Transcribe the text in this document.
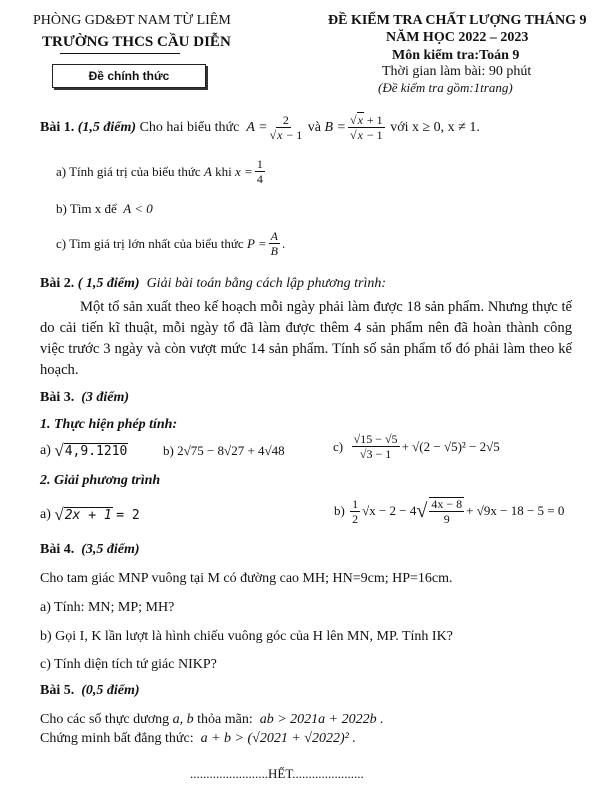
PHÒNG GD&ĐT NAM TỪ LIÊM
TRƯỜNG THCS CẦU DIỄN
Đề chính thức
ĐỀ KIỂM TRA CHẤT LƯỢNG THÁNG 9
NĂM HỌC 2022 – 2023
Môn kiểm tra:Toán 9
Thời gian làm bài: 90 phút
(Đề kiểm tra gồm:1trang)
Bài 1.
(1,5 điểm)
Cho hai biểu thức
$A = \frac{2}{√x - 1}$
và
$B = \frac{√x + 1}{√x - 1}$
với x ≥ 0, x ≠ 1.
a) Tính giá trị của biểu thức
A
khi
$x = \frac{1}{4}$
b) Tìm x để A < 0
c) Tìm giá trị lớn nhất của biểu thức
$P = \frac{A}{B}$ .
Bài 2. ( 1,5 điểm) Giải bài toán bằng cách lập phương trình:
Một tổ sản xuất theo kế hoạch mỗi ngày phải làm được 18 sản phẩm. Nhưng thực tế do cải tiến kĩ thuật, mỗi ngày tổ đã làm được thêm 4 sản phẩm nên đã hoàn thành công việc trước 3 ngày và còn vượt mức 14 sản phẩm. Tính số sản phẩm tổ đó phải làm theo kế hoạch.
Bài 3. (3 điểm)
1. Thực hiện phép tính:
a)
√ 4,9.1210	b) 2√75 − 8√27 + 4√48	c)
$\frac{√15 - √5}{√3 - 1} + √(2 - √5)^2 - 2√5$
2. Giải phương trình
a)
√ 2x + 1
= 2	b)
$\frac{1}{2} √x - 2 - 4$ √ $\frac{4x - 8}{9} + √9x - 18 - 5 = 0$
Bài 4. (3,5 điểm)
Cho tam giác MNP vuông tại M có đường cao MH; HN=9cm; HP=16cm.
a) Tính: MN; MP; MH?
b) Gọi I, K lần lượt là hình chiếu vuông góc của H lên MN, MP. Tính IK?
c) Tính diện tích tứ giác NIKP?
Bài 5. (0,5 điểm)
Cho các số thực dương a, b thỏa mãn: ab > 2021a + 2022b .
Chứng minh bất đẳng thức: a + b > (√2021 + √2022)² .
........................HẾT......................
